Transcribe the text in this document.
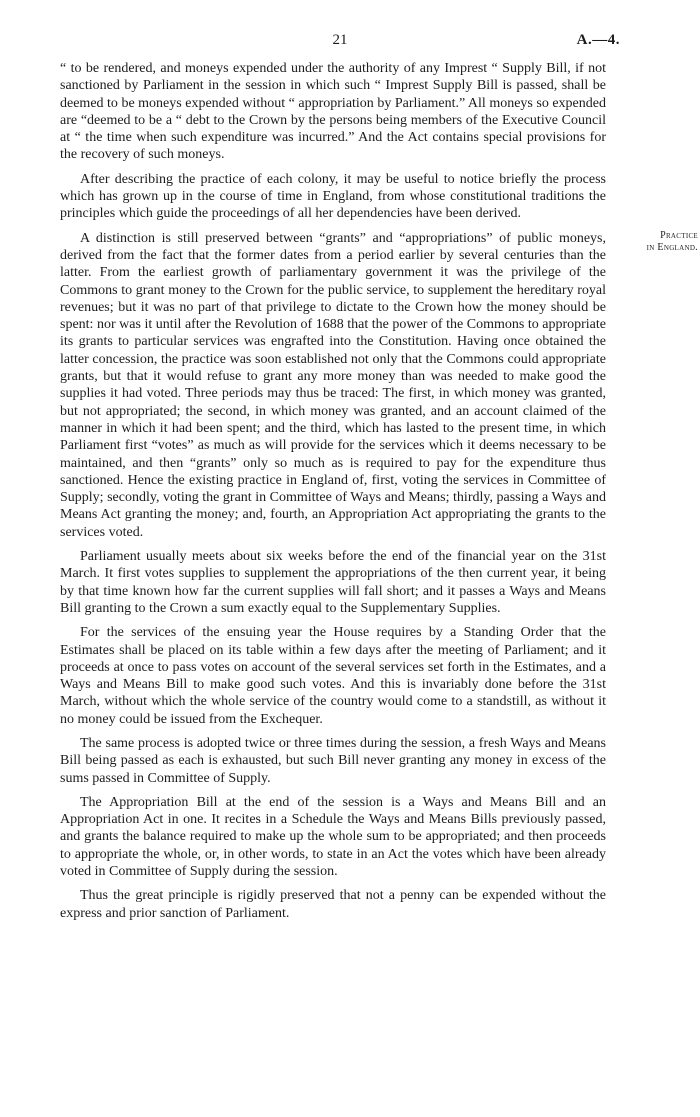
21	A.—4.
Practice
in England.

“ to be rendered, and moneys expended under the authority of any Imprest “ Supply Bill, if not sanctioned by Parliament in the session in which such “ Imprest Supply Bill is passed, shall be deemed to be moneys expended without “ appropriation by Parliament.” All moneys so expended are “deemed to be a “ debt to the Crown by the persons being members of the Executive Council at “ the time when such expenditure was incurred.” And the Act contains special provisions for the recovery of such moneys.

After describing the practice of each colony, it may be useful to notice briefly the process which has grown up in the course of time in England, from whose constitutional traditions the principles which guide the proceedings of all her dependencies have been derived.

A distinction is still preserved between “grants” and “appropriations” of public moneys, derived from the fact that the former dates from a period earlier by several centuries than the latter. From the earliest growth of parliamentary government it was the privilege of the Commons to grant money to the Crown for the public service, to supplement the hereditary royal revenues; but it was no part of that privilege to dictate to the Crown how the money should be spent: nor was it until after the Revolution of 1688 that the power of the Commons to appropriate its grants to particular services was engrafted into the Constitution. Having once obtained the latter concession, the practice was soon established not only that the Commons could appropriate grants, but that it would refuse to grant any more money than was needed to make good the supplies it had voted. Three periods may thus be traced: The first, in which money was granted, but not appropriated; the second, in which money was granted, and an account claimed of the manner in which it had been spent; and the third, which has lasted to the present time, in which Parliament first “votes” as much as will provide for the services which it deems necessary to be maintained, and then “grants” only so much as is required to pay for the expenditure thus sanctioned. Hence the existing practice in England of, first, voting the services in Committee of Supply; secondly, voting the grant in Committee of Ways and Means; thirdly, passing a Ways and Means Act granting the money; and, fourth, an Appropriation Act appropriating the grants to the services voted.

Parliament usually meets about six weeks before the end of the financial year on the 31st March. It first votes supplies to supplement the appropriations of the then current year, it being by that time known how far the current supplies will fall short; and it passes a Ways and Means Bill granting to the Crown a sum exactly equal to the Supplementary Supplies.

For the services of the ensuing year the House requires by a Standing Order that the Estimates shall be placed on its table within a few days after the meeting of Parliament; and it proceeds at once to pass votes on account of the several services set forth in the Estimates, and a Ways and Means Bill to make good such votes. And this is invariably done before the 31st March, without which the whole service of the country would come to a standstill, as without it no money could be issued from the Exchequer.

The same process is adopted twice or three times during the session, a fresh Ways and Means Bill being passed as each is exhausted, but such Bill never granting any money in excess of the sums passed in Committee of Supply.

The Appropriation Bill at the end of the session is a Ways and Means Bill and an Appropriation Act in one. It recites in a Schedule the Ways and Means Bills previously passed, and grants the balance required to make up the whole sum to be appropriated; and then proceeds to appropriate the whole, or, in other words, to state in an Act the votes which have been already voted in Committee of Supply during the session.

Thus the great principle is rigidly preserved that not a penny can be expended without the express and prior sanction of Parliament.
